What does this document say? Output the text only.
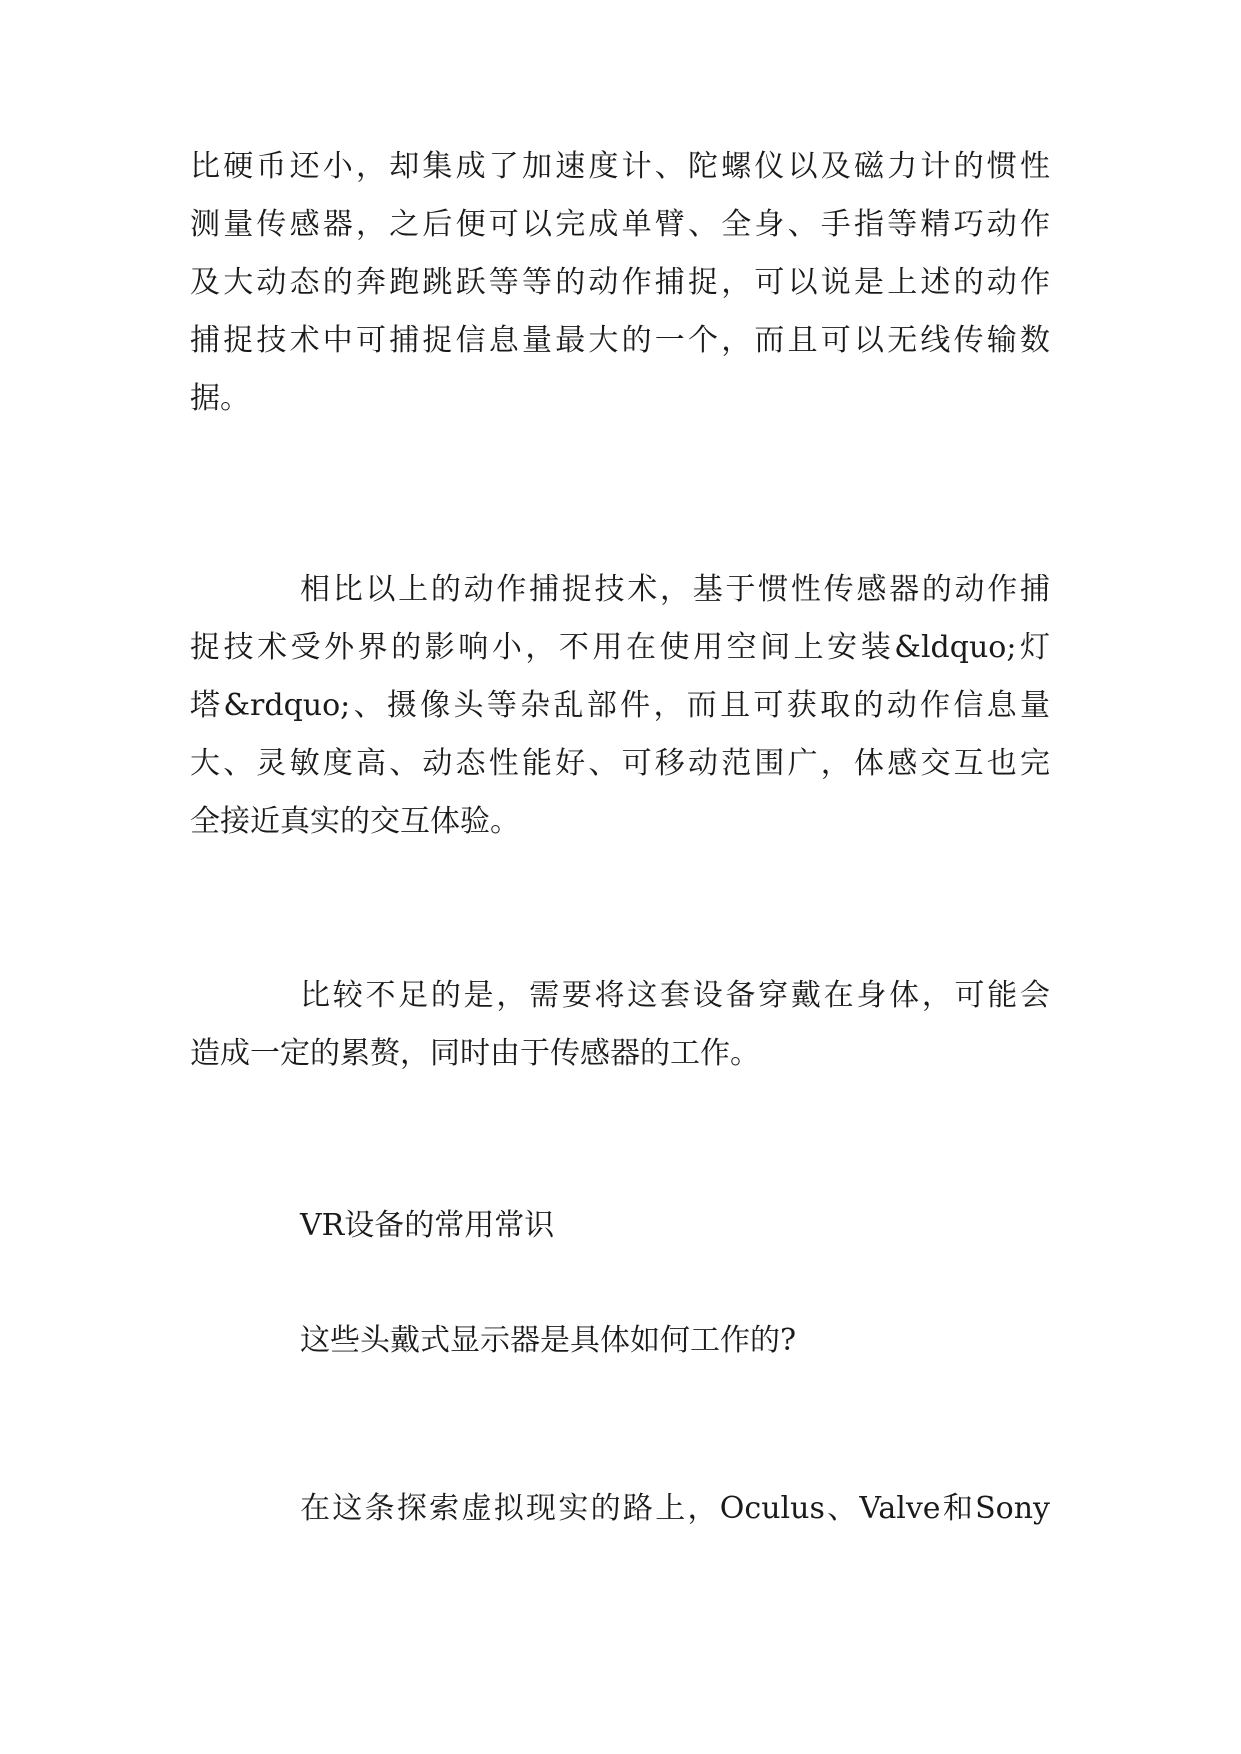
比硬币还小，却集成了加速度计、陀螺仪以及磁力计的惯性

测量传感器，之后便可以完成单臂、全身、手指等精巧动作

及大动态的奔跑跳跃等等的动作捕捉，可以说是上述的动作

捕捉技术中可捕捉信息量最大的一个，而且可以无线传输数

据。

相比以上的动作捕捉技术，基于惯性传感器的动作捕

捉技术受外界的影响小，不用在使用空间上安装&ldquo;灯

塔&rdquo;、摄像头等杂乱部件，而且可获取的动作信息量

大、灵敏度高、动态性能好、可移动范围广，体感交互也完

全接近真实的交互体验。

比较不足的是，需要将这套设备穿戴在身体，可能会

造成一定的累赘，同时由于传感器的工作。

VR设备的常用常识

这些头戴式显示器是具体如何工作的?

在这条探索虚拟现实的路上，Oculus、Valve和Sony
